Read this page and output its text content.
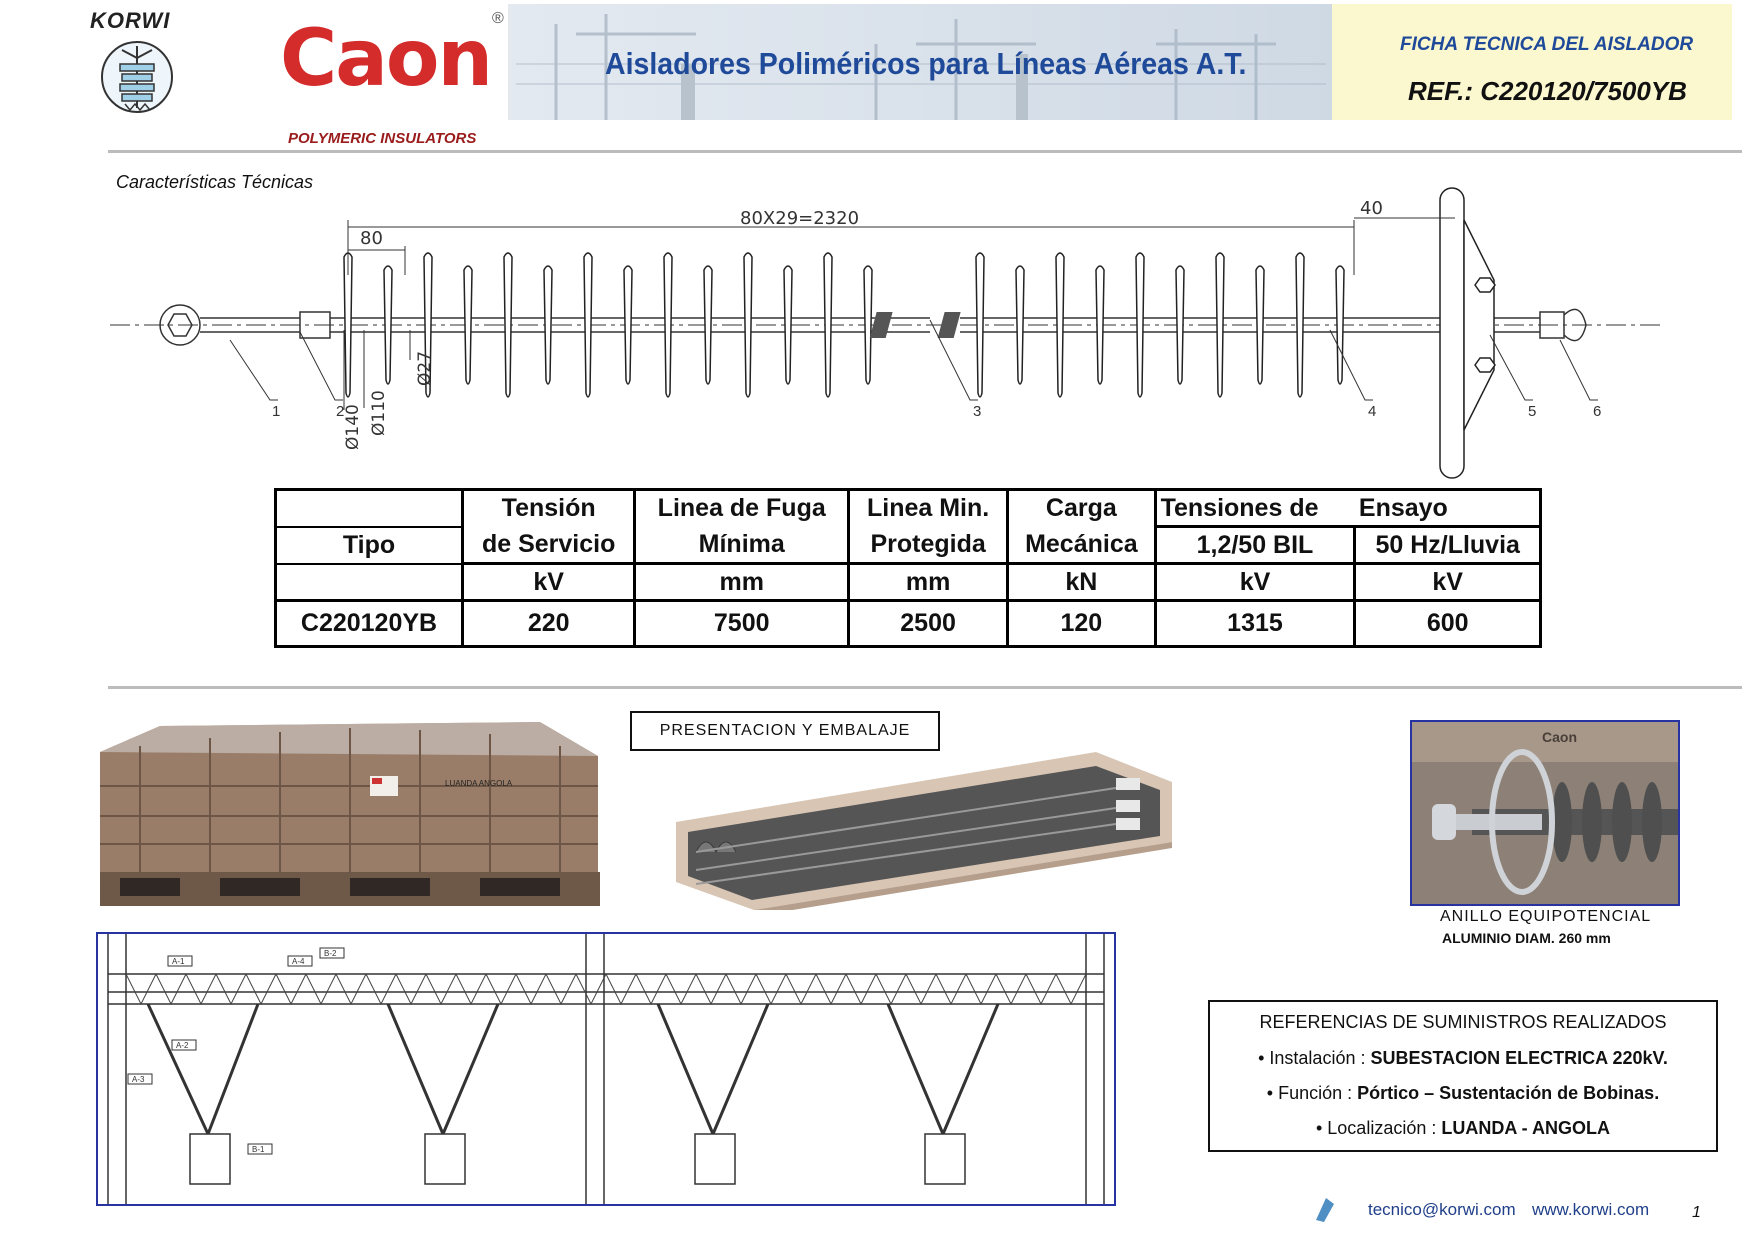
KORWI Caon ®
POLYMERIC INSULATORS
Aisladores Poliméricos para Líneas Aéreas A.T.
FICHA TECNICA DEL AISLADOR
REF.: C220120/7500YB
Características Técnicas
80X29=2320
80
40
Ø140 Ø110
Ø27
1	2	3	4	5	6
	Tensión	Linea de Fuga	Linea Min.	Carga	Tensiones de	Ensayo
Tipo	de Servicio	Mínima	Protegida	Mecánica	1,2/50 BIL	50 Hz/Lluvia
	kV	mm	mm	kN	kV	kV
C220120YB	220	7500	2500	120	1315	600
LUANDA ANGOLA
PRESENTACION Y EMBALAJE	Caon
ANILLO EQUIPOTENCIAL
ALUMINIO DIAM. 260 mm
A-1	A-4
B-2
A-2
A-3
B-1
REFERENCIAS DE SUMINISTROS REALIZADOS
• Instalación : SUBESTACION ELECTRICA 220kV.
• Función : Pórtico – Sustentación de Bobinas.
• Localización : LUANDA - ANGOLA
tecnico@korwi.com www.korwi.com	1
